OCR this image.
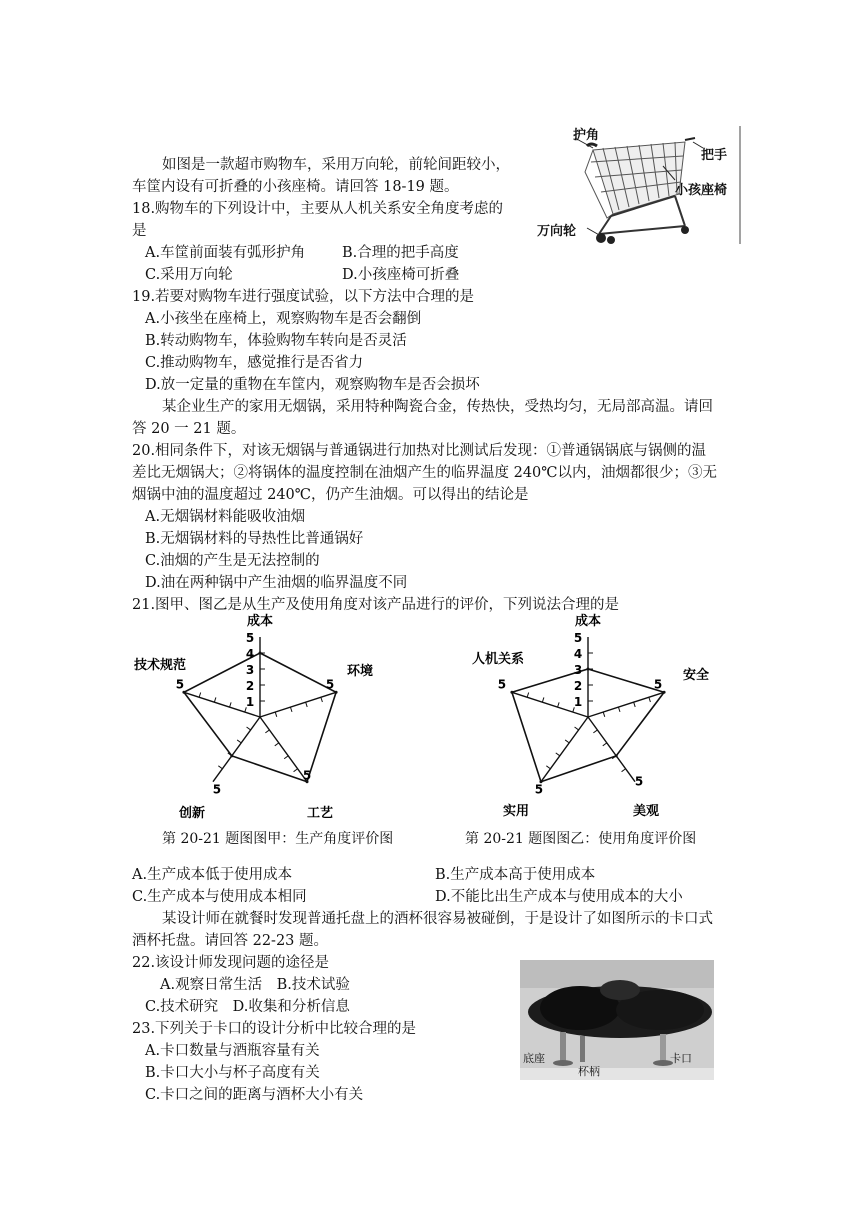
如图是一款超市购物车，采用万向轮，前轮间距较小，
车筐内设有可折叠的小孩座椅。请回答 18-19 题。
18.购物车的下列设计中，主要从人机关系安全角度考虑的
是
A.车筐前面装有弧形护角	B.合理的把手高度
C.采用万向轮	D.小孩座椅可折叠
19.若要对购物车进行强度试验，以下方法中合理的是
A.小孩坐在座椅上，观察购物车是否会翻倒
B.转动购物车，体验购物车转向是否灵活
C.推动购物车，感觉推行是否省力
D.放一定量的重物在车筐内，观察购物车是否会损坏
某企业生产的家用无烟锅，采用特种陶瓷合金，传热快，受热均匀，无局部高温。请回
答 20 一 21 题。
20.相同条件下，对该无烟锅与普通锅进行加热对比测试后发现：①普通锅锅底与锅侧的温
差比无烟锅大；②将锅体的温度控制在油烟产生的临界温度 240℃以内，油烟都很少；③无
烟锅中油的温度超过 240℃，仍产生油烟。可以得出的结论是
A.无烟锅材料能吸收油烟
B.无烟锅材料的导热性比普通锅好
C.油烟的产生是无法控制的
D.油在两种锅中产生油烟的临界温度不同
21.图甲、图乙是从生产及使用角度对该产品进行的评价，下列说法合理的是
A.生产成本低于使用成本	B.生产成本高于使用成本
C.生产成本与使用成本相同	D.不能比出生产成本与使用成本的大小
某设计师在就餐时发现普通托盘上的酒杯很容易被碰倒，于是设计了如图所示的卡口式
酒杯托盘。请回答 22-23 题。
22.该设计师发现问题的途径是
A.观察日常生活　B.技术试验
C.技术研究　D.收集和分析信息
23.下列关于卡口的设计分析中比较合理的是
A.卡口数量与酒瓶容量有关
B.卡口大小与杯子高度有关
C.卡口之间的距离与酒杯大小有关
护角
把手
小孩座椅
万向轮
1
2
3
4
5
5
5
5
5
成本
环境
工艺
创新
技术规范
第 20-21 题图图甲：生产角度评价图
1
2
3
4
5
5
5
5
5
成本
安全
美观
实用
人机关系
第 20-21 题图图乙：使用角度评价图
底座
杯柄
卡口
